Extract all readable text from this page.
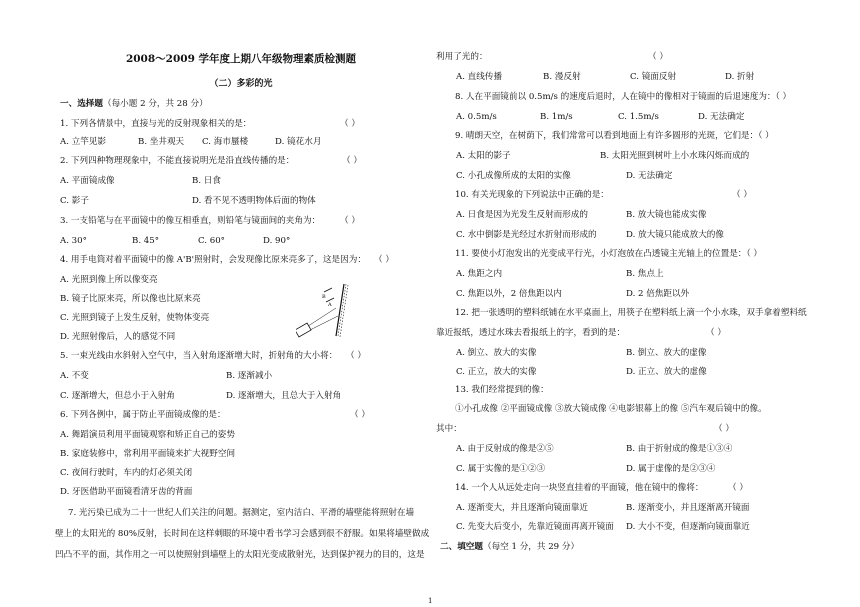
2008～2009 学年度上期八年级物理素质检测题
（二）多彩的光
一、选择题（每小题 2 分，共 28 分）
1. 下列各情景中，直接与光的反射现象相关的是：	（ ）
A. 立竿见影	B. 坐井观天 C. 海市蜃楼	D. 镜花水月
2. 下列四种物理现象中，不能直接说明光是沿直线传播的是：	（ ）
A. 平面镜成像	B. 日食
C. 影子	D. 看不见不透明物体后面的物体
3. 一支铅笔与在平面镜中的像互相垂直，则铅笔与镜面间的夹角为： （ ）
A. 30°	B. 45°	C. 60°	D. 90°
4. 用手电筒对着平面镜中的像 A'B'照射时，会发现像比原来亮多了，这是因为： （ ）
A. 光照到像上所以像变亮
B. 镜子比原来亮，所以像也比原来亮
C. 光照到镜子上发生反射，使物体变亮
D. 光照射像后，人的感觉不同
B
A
5. 一束光线由水斜射入空气中，当入射角逐渐增大时，折射角的大小将： （ ）
A. 不变	B. 逐渐减小
C. 逐渐增大，但总小于入射角	D. 逐渐增大，且总大于入射角
6. 下列各例中，属于防止平面镜成像的是：	（ ）
A. 舞蹈演员利用平面镜观察和矫正自己的姿势
B. 家庭装修中，常利用平面镜来扩大视野空间
C. 夜间行驶时，车内的灯必须关闭
D. 牙医借助平面镜看清牙齿的背面
7. 光污染已成为二十一世纪人们关注的问题。据测定，室内洁白、平滑的墙壁能将照射在墙
壁上的太阳光的 80%反射，长时间在这样刺眼的环境中看书学习会感到很不舒服。如果将墙壁做成
凹凸不平的面，其作用之一可以使照射到墙壁上的太阳光变成散射光，达到保护视力的目的，这是
利用了光的：	（ ）
A. 直线传播	B. 漫反射	C. 镜面反射	D. 折射
8. 人在平面镜前以 0.5m/s 的速度后退时，人在镜中的像相对于镜面的后退速度为：（ ）
A. 0.5m/s	B. 1m/s	C. 1.5m/s	D. 无法确定
9. 晴朗天空，在树荫下，我们常常可以看到地面上有许多圆形的光斑，它们是：（ ）
A. 太阳的影子	B. 太阳光照到树叶上小水珠闪烁而成的
C. 小孔成像所成的太阳的实像	D. 无法确定
10. 有关光现象的下列说法中正确的是：	（ ）
A. 日食是因为光发生反射而形成的	B. 放大镜也能成实像
C. 水中倒影是光经过水折射而形成的	D. 放大镜只能成放大的像
11. 要使小灯泡发出的光变成平行光，小灯泡放在凸透镜主光轴上的位置是：（ ）
A. 焦距之内	B. 焦点上
C. 焦距以外，2 倍焦距以内	D. 2 倍焦距以外
12. 把一张透明的塑料纸铺在水平桌面上，用筷子在塑料纸上滴一个小水珠，双手拿着塑料纸
靠近报纸，透过水珠去看报纸上的字，看到的是：	（ ）
A. 倒立、放大的实像	B. 倒立、放大的虚像
C. 正立，放大的实像	D. 正立、放大的虚像
13. 我们经常提到的像：
①小孔成像 ②平面镜成像 ③放大镜成像 ④电影银幕上的像 ⑤汽车观后镜中的像。
其中：	（ ）
A. 由于反射成的像是②⑤	B. 由于折射成的像是①③④
C. 属于实像的是①②③	D. 属于虚像的是②③④
14. 一个人从远处走向一块竖直挂着的平面镜，他在镜中的像将：	（ ）
A. 逐渐变大，并且逐渐向镜面靠近	B. 逐渐变小，并且逐渐离开镜面
C. 先变大后变小，先靠近镜面再离开镜面 D. 大小不变，但逐渐向镜面靠近
二、填空题（每空 1 分，共 29 分）
1
